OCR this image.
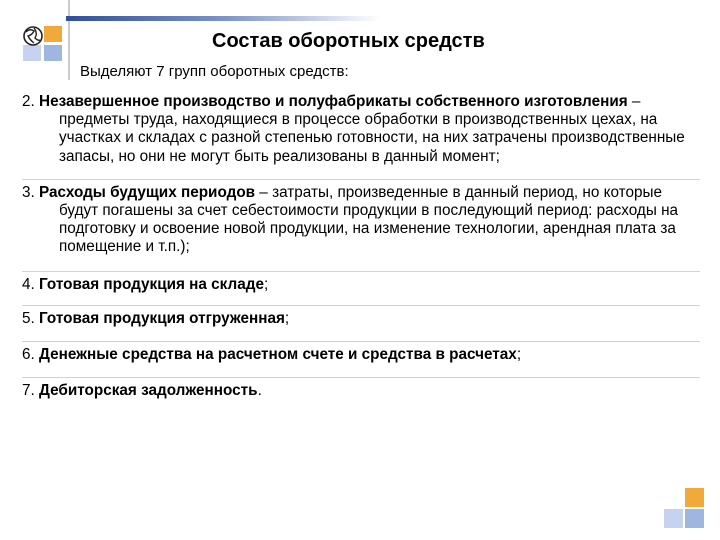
Состав оборотных средств

Выделяют 7 групп оборотных средств:

2. Незавершенное производство и полуфабрикаты собственного изготовления – предметы труда, находящиеся в процессе обработки в производственных цехах, на участках и складах с разной степенью готовности, на них затрачены производственные запасы, но они не могут быть реализованы в данный момент;
3. Расходы будущих периодов – затраты, произведенные в данный период, но которые будут погашены за счет себестоимости продукции в последующий период: расходы на подготовку и освоение новой продукции, на изменение технологии, арендная плата за помещение и т.п.);
4. Готовая продукция на складе;
5. Готовая продукция отгруженная;
6. Денежные средства на расчетном счете и средства в расчетах;
7. Дебиторская задолженность.
